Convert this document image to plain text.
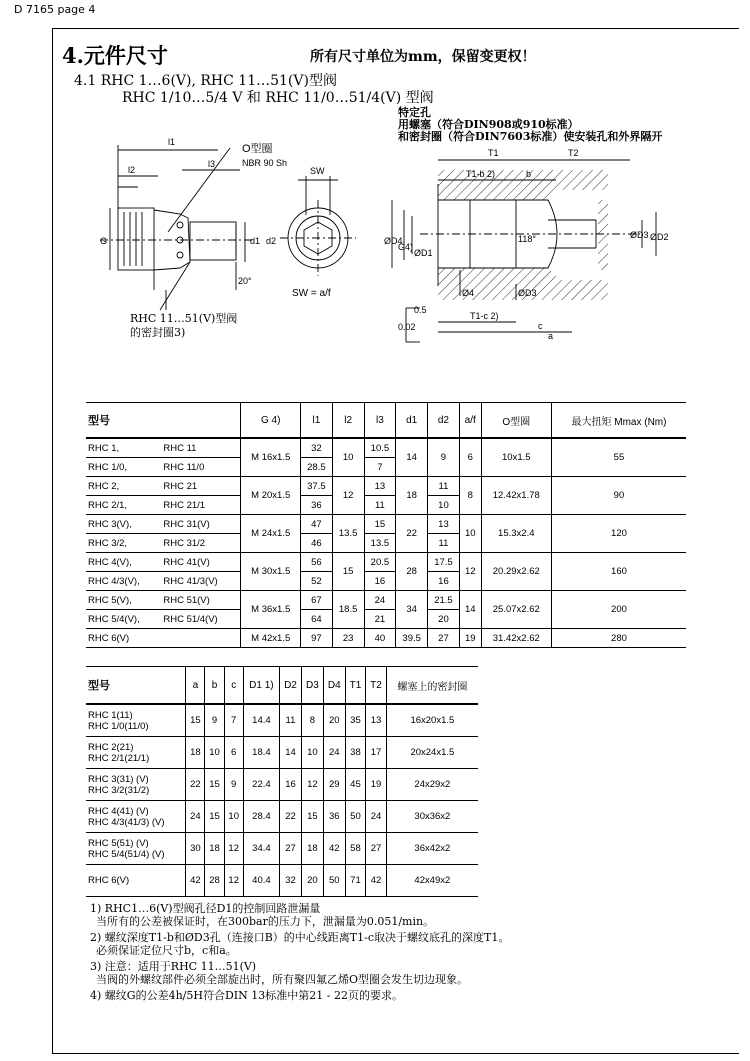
D 7165 page 4
4.元件尺寸	所有尺寸单位为mm，保留变更权！
4.1 RHC 1…6(V), RHC 11…51(V)型阀
RHC 1/10…5/4 V 和 RHC 11/0…51/4(V) 型阀
特定孔
用螺塞（符合DIN908或910标准）
和密封圈（符合DIN7603标准）使安装孔和外界隔开
l1
l2
l3
O型圈
NBR 90 Sh
SW
SW = a/f
G	d1 d2
20°
RHC 11…51(V)型阀
的密封圈3)
T1	T2
T1-b 2)	b
ØD4
G4)
ØD1
118°	ØD3 ØD2
Ø4	ØD3
0.02
0.5
T1-c 2)
c
a
型号		G 4)	l1	l2	l3	d1	d2	a/f	O型圈	最大扭矩 Mmax (Nm)
RHC 1,	RHC 11	M 16x1.5	32	10	10.5	14	9	6	10x1.5	55
RHC 1/0,	RHC 11/0		28.5		7					
RHC 2,	RHC 21	M 20x1.5	37.5	12	13	18	11	8	12.42x1.78	90
RHC 2/1,	RHC 21/1		36		11		10			
RHC 3(V),	RHC 31(V)	M 24x1.5	47	13.5	15	22	13	10	15.3x2.4	120
RHC 3/2,	RHC 31/2		46		13.5		11			
RHC 4(V),	RHC 41(V)	M 30x1.5	56	15	20.5	28	17.5	12	20.29x2.62	160
RHC 4/3(V),	RHC 41/3(V)		52		16		16			
RHC 5(V),	RHC 51(V)	M 36x1.5	67	18.5	24	34	21.5	14	25.07x2.62	200
RHC 5/4(V),	RHC 51/4(V)		64		21		20			
RHC 6(V)		M 42x1.5	97	23	40	39.5	27	19	31.42x2.62	280
型号	a	b	c	D1 1)	D2	D3	D4	T1	T2	螺塞上的密封圈

RHC 1(11)
RHC 1/0(11/0)	15	9	7	14.4	11	8	20	35	13	16x20x1.5

RHC 2(21)
RHC 2/1(21/1)	18	10	6	18.4	14	10	24	38	17	20x24x1.5

RHC 3(31) (V)
RHC 3/2(31/2)	22	15	9	22.4	16	12	29	45	19	24x29x2

RHC 4(41) (V)
RHC 4/3(41/3) (V)	24	15	10	28.4	22	15	36	50	24	30x36x2

RHC 5(51) (V)
RHC 5/4(51/4) (V)	30	18	12	34.4	27	18	42	58	27	36x42x2

RHC 6(V)	42	28	12	40.4	32	20	50	71	42	42x49x2
1) RHC1…6(V)型阀孔径D1的控制回路泄漏量
当所有的公差被保证时，在300bar的压力下，泄漏量为0.051/min。
2) 螺纹深度T1-b和ØD3孔（连接口B）的中心线距离T1-c取决于螺纹底孔的深度T1。
必须保证定位尺寸b，c和a。
3) 注意：适用于RHC 11…51(V)
当阀的外螺纹部件必须全部旋出时，所有聚四氟乙烯O型圈会发生切边现象。
4) 螺纹G的公差4h/5H符合DIN 13标准中第21 - 22页的要求。
